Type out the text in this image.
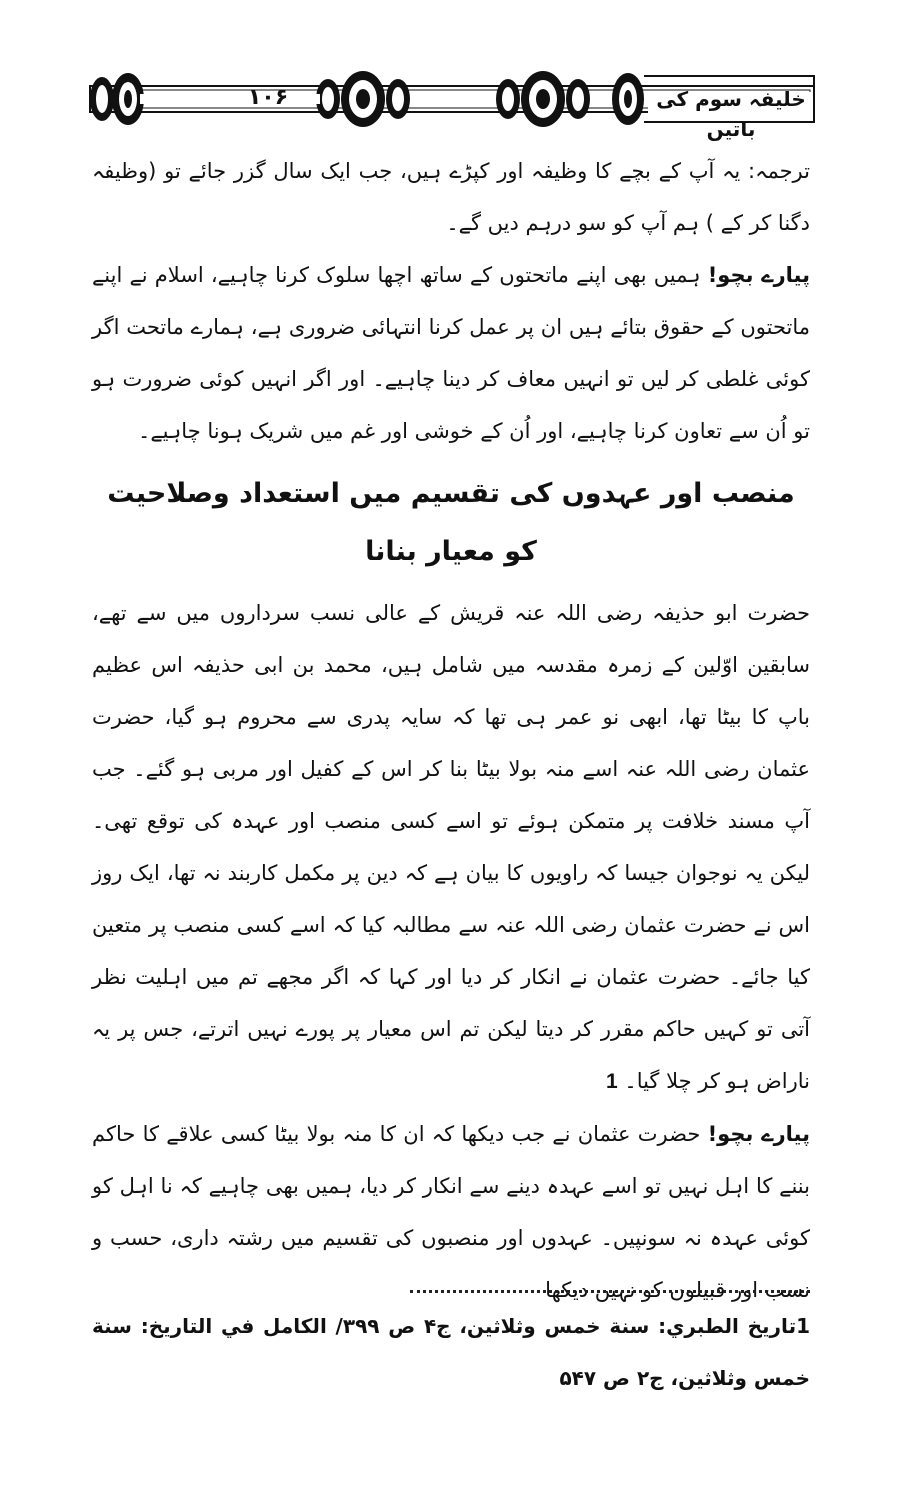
۱۰۶	خلیفہ سوم کی باتیں

ترجمہ: یہ آپ کے بچے کا وظیفہ اور کپڑے ہیں، جب ایک سال گزر جائے تو (وظیفہ دگنا کر کے ) ہم آپ کو سو درہم دیں گے۔

پیارے بچو! ہمیں بھی اپنے ماتحتوں کے ساتھ اچھا سلوک کرنا چاہیے، اسلام نے اپنے ماتحتوں کے حقوق بتائے ہیں ان پر عمل کرنا انتہائی ضروری ہے، ہمارے ماتحت اگر کوئی غلطی کر لیں تو انہیں معاف کر دینا چاہیے۔ اور اگر انہیں کوئی ضرورت ہو تو اُن سے تعاون کرنا چاہیے، اور اُن کے خوشی اور غم میں شریک ہونا چاہیے۔

منصب اور عہدوں کی تقسیم میں استعداد وصلاحیت کو معیار بنانا

حضرت ابو حذیفہ رضی اللہ عنہ قریش کے عالی نسب سرداروں میں سے تھے، سابقین اوّلین کے زمرہ مقدسہ میں شامل ہیں، محمد بن ابی حذیفہ اس عظیم باپ کا بیٹا تھا، ابھی نو عمر ہی تھا کہ سایہ پدری سے محروم ہو گیا، حضرت عثمان رضی اللہ عنہ اسے منہ بولا بیٹا بنا کر اس کے کفیل اور مربی ہو گئے۔ جب آپ مسند خلافت پر متمکن ہوئے تو اسے کسی منصب اور عہدہ کی توقع تھی۔ لیکن یہ نوجوان جیسا کہ راویوں کا بیان ہے کہ دین پر مکمل کاربند نہ تھا، ایک روز اس نے حضرت عثمان رضی اللہ عنہ سے مطالبہ کیا کہ اسے کسی منصب پر متعین کیا جائے۔ حضرت عثمان نے انکار کر دیا اور کہا کہ اگر مجھے تم میں اہلیت نظر آتی تو کہیں حاکم مقرر کر دیتا لیکن تم اس معیار پر پورے نہیں اترتے، جس پر یہ ناراض ہو کر چلا گیا۔ 1

پیارے بچو! حضرت عثمان نے جب دیکھا کہ ان کا منہ بولا بیٹا کسی علاقے کا حاکم بننے کا اہل نہیں تو اسے عہدہ دینے سے انکار کر دیا، ہمیں بھی چاہیے کہ نا اہل کو کوئی عہدہ نہ سونپیں۔ عہدوں اور منصبوں کی تقسیم میں رشتہ داری، حسب و نسب اور قبیلوں کو نہیں دیکھا

1تاريخ الطبري: سنة خمس وثلاثين، ج۴ ص ۳۹۹/ الكامل في التاريخ: سنة خمس وثلاثين، ج۲ ص ۵۴۷
